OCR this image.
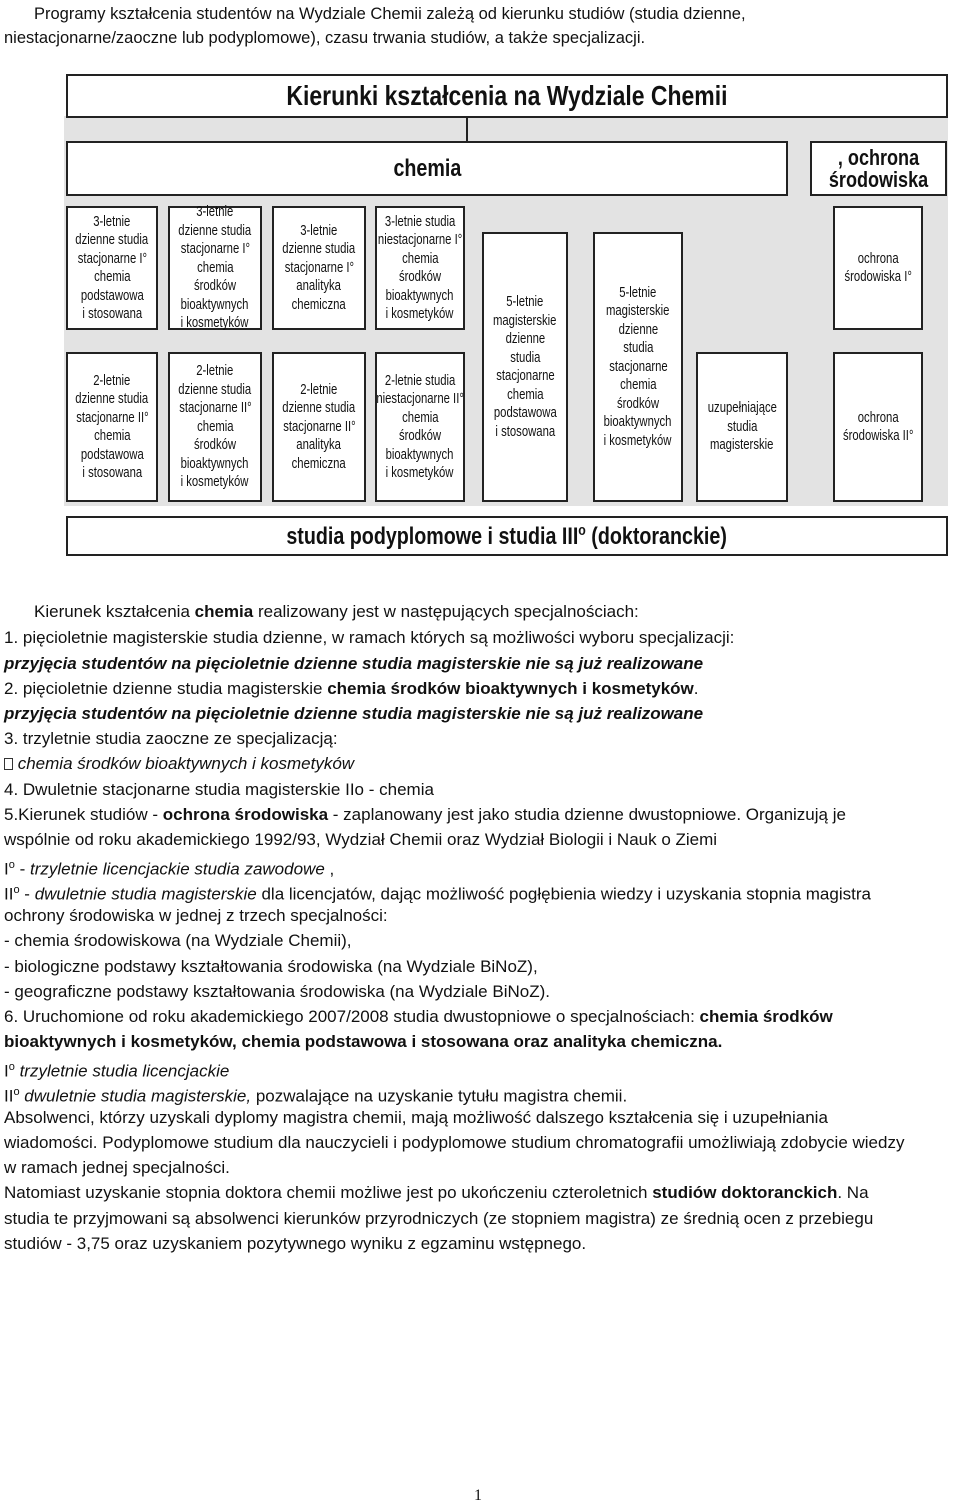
Programy kształcenia studentów na Wydziale Chemii zależą od kierunku studiów (studia dzienne,
niestacjonarne/zaoczne lub podyplomowe), czasu trwania studiów, a także specjalizacji.
Kierunki kształcenia na Wydziale Chemii
chemia	, ochrona
środowiska
3-letnie
dzienne studia
stacjonarne I°
chemia
podstawowa
i stosowana
3-letnie
dzienne studia
stacjonarne I°
chemia
środków
bioaktywnych
i kosmetyków
3-letnie
dzienne studia
stacjonarne I°
analityka
chemiczna
3-letnie studia
niestacjonarne I°
chemia
środków
bioaktywnych
i kosmetyków
2-letnie
dzienne studia
stacjonarne II°
chemia
podstawowa
i stosowana
2-letnie
dzienne studia
stacjonarne II°
chemia
środków
bioaktywnych
i kosmetyków
2-letnie
dzienne studia
stacjonarne II°
analityka
chemiczna
2-letnie studia
niestacjonarne II°
chemia
środków
bioaktywnych
i kosmetyków
5-letnie
magisterskie
dzienne
studia
stacjonarne
chemia
podstawowa
i stosowana
5-letnie
magisterskie
dzienne
studia
stacjonarne
chemia
środków
bioaktywnych
i kosmetyków
uzupełniające
studia
magisterskie
ochrona
środowiska I°
ochrona
środowiska II°
studia podyplomowe i studia III$^o$ (doktoranckie)
Kierunek kształcenia chemia realizowany jest w następujących specjalnościach:
1. pięcioletnie magisterskie studia dzienne, w ramach których są możliwości wyboru specjalizacji:
przyjęcia studentów na pięcioletnie dzienne studia magisterskie nie są już realizowane
2. pięcioletnie dzienne studia magisterskie chemia środków bioaktywnych i kosmetyków.
przyjęcia studentów na pięcioletnie dzienne studia magisterskie nie są już realizowane
3. trzyletnie studia zaoczne ze specjalizacją:
chemia środków bioaktywnych i kosmetyków
4. Dwuletnie stacjonarne studia magisterskie IIo - chemia
5.Kierunek studiów - ochrona środowiska - zaplanowany jest jako studia dzienne dwustopniowe. Organizują je
wspólnie od roku akademickiego 1992/93, Wydział Chemii oraz Wydział Biologii i Nauk o Ziemi
$I^o$ - trzyletnie licencjackie studia zawodowe ,
$II^o$ - dwuletnie studia magisterskie dla licencjatów, dając możliwość pogłębienia wiedzy i uzyskania stopnia magistra
ochrony środowiska w jednej z trzech specjalności:
- chemia środowiskowa (na Wydziale Chemii),
- biologiczne podstawy kształtowania środowiska (na Wydziale BiNoZ),
- geograficzne podstawy kształtowania środowiska (na Wydziale BiNoZ).
6. Uruchomione od roku akademickiego 2007/2008 studia dwustopniowe o specjalnościach: chemia środków
bioaktywnych i kosmetyków, chemia podstawowa i stosowana oraz analityka chemiczna.
$I^o$ trzyletnie studia licencjackie
$II^o$ dwuletnie studia magisterskie, pozwalające na uzyskanie tytułu magistra chemii.
Absolwenci, którzy uzyskali dyplomy magistra chemii, mają możliwość dalszego kształcenia się i uzupełniania
wiadomości. Podyplomowe studium dla nauczycieli i podyplomowe studium chromatografii umożliwiają zdobycie wiedzy
w ramach jednej specjalności.
Natomiast uzyskanie stopnia doktora chemii możliwe jest po ukończeniu czteroletnich studiów doktoranckich. Na
studia te przyjmowani są absolwenci kierunków przyrodniczych (ze stopniem magistra) ze średnią ocen z przebiegu
studiów - 3,75 oraz uzyskaniem pozytywnego wyniku z egzaminu wstępnego.
1
